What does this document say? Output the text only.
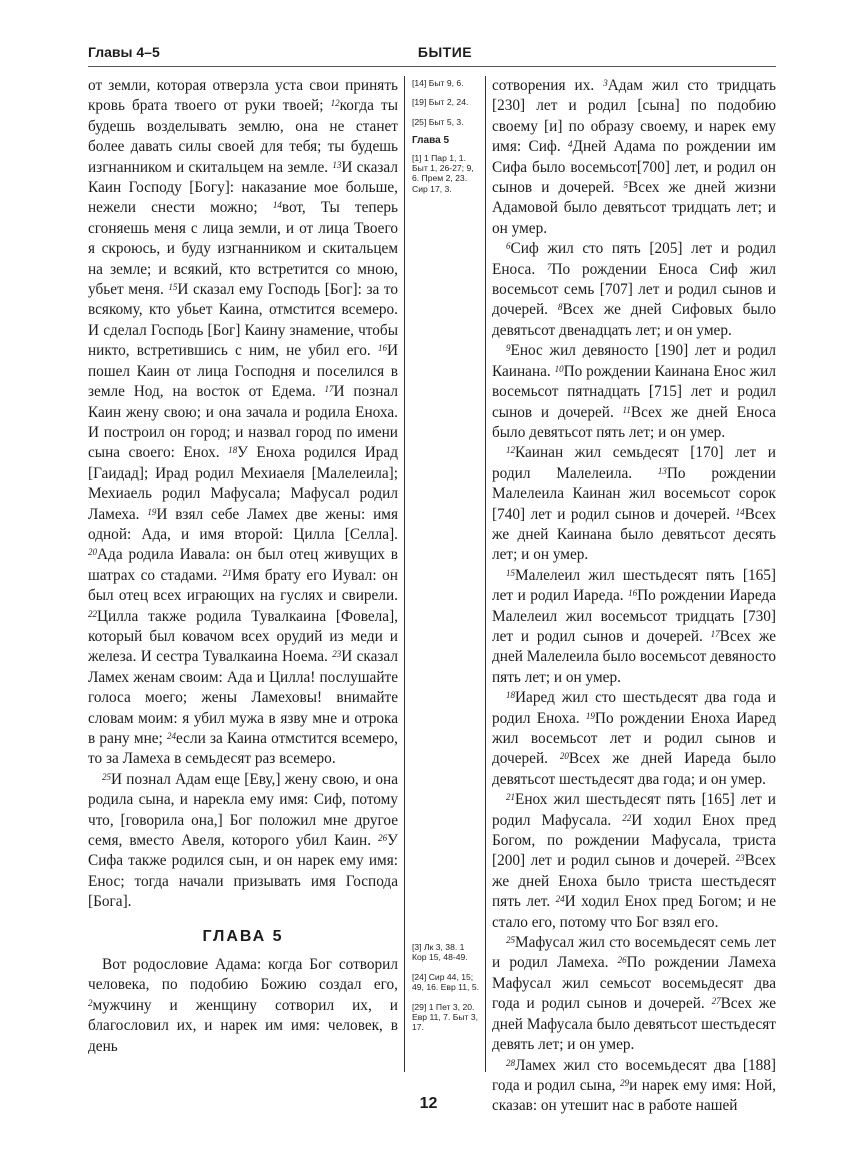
Главы 4–5	БЫТИЕ

от земли, которая отверзла уста свои принять кровь брата твоего от руки твоей; $^{12}$когда ты будешь возделывать землю, она не станет более давать силы своей для тебя; ты будешь изгнанником и скитальцем на земле. $^{13}$И сказал Каин Господу [Богу]: наказание мое больше, нежели снести можно; $^{14}$вот, Ты теперь сгоняешь меня с лица земли, и от лица Твоего я скроюсь, и буду изгнанником и скитальцем на земле; и всякий, кто встретится со мною, убьет меня. $^{15}$И сказал ему Господь [Бог]: за то всякому, кто убьет Каина, отмстится всемеро. И сделал Господь [Бог] Каину знамение, чтобы никто, встретившись с ним, не убил его. $^{16}$И пошел Каин от лица Господня и поселился в земле Нод, на восток от Едема. $^{17}$И познал Каин жену свою; и она зачала и родила Еноха. И построил он город; и назвал город по имени сына своего: Енох. $^{18}$У Еноха родился Ирад [Гаидад]; Ирад родил Мехиаеля [Малелеила]; Мехиаель родил Мафусала; Мафусал родил Ламеха. $^{19}$И взял себе Ламех две жены: имя одной: Ада, и имя второй: Цилла [Селла]. $^{20}$Ада родила Иавала: он был отец живущих в шатрах со стадами. $^{21}$Имя брату его Иувал: он был отец всех играющих на гуслях и свирели. $^{22}$Цилла также родила Тувалкаина [Фовела], который был ковачом всех орудий из меди и железа. И сестра Тувалкаина Ноема. $^{23}$И сказал Ламех женам своим: Ада и Цилла! послушайте голоса моего; жены Ламеховы! внимайте словам моим: я убил мужа в язву мне и отрока в рану мне; $^{24}$если за Каина отмстится всемеро, то за Ламеха в семьдесят раз всемеро.

$^{25}$И познал Адам еще [Еву,] жену свою, и она родила сына, и нарекла ему имя: Сиф, потому что, [говорила она,] Бог положил мне другое семя, вместо Авеля, которого убил Каин. $^{26}$У Сифа также родился сын, и он нарек ему имя: Енос; тогда начали призывать имя Господа [Бога].

ГЛАВА 5

Вот родословие Адама: когда Бог сотворил человека, по подобию Божию создал его, $^2$мужчину и женщину сотворил их, и благословил их, и нарек им имя: человек, в день

[14] Быт 9, 6.
[19] Быт 2, 24.
[25] Быт 5, 3.
Глава 5
[1] 1 Пар 1, 1. Быт 1, 26-27; 9, 6. Прем 2, 23. Сир 17, 3.
[3] Лк 3, 38. 1 Кор 15, 48-49.
[24] Сир 44, 15; 49, 16. Евр 11, 5.
[29] 1 Пет 3, 20. Евр 11, 7. Быт 3, 17.

сотворения их. $^3$Адам жил сто тридцать [230] лет и родил [сына] по подобию своему [и] по образу своему, и нарек ему имя: Сиф. $^4$Дней Адама по рождении им Сифа было восемьсот[700] лет, и родил он сынов и дочерей. $^5$Всех же дней жизни Адамовой было девятьсот тридцать лет; и он умер.

$^6$Сиф жил сто пять [205] лет и родил Еноса. $^7$По рождении Еноса Сиф жил восемьсот семь [707] лет и родил сынов и дочерей. $^8$Всех же дней Сифовых было девятьсот двенадцать лет; и он умер.

$^9$Енос жил девяносто [190] лет и родил Каинана. $^{10}$По рождении Каинана Енос жил восемьсот пятнадцать [715] лет и родил сынов и дочерей. $^{11}$Всех же дней Еноса было девятьсот пять лет; и он умер.

$^{12}$Каинан жил семьдесят [170] лет и родил Малелеила. $^{13}$По рождении Малелеила Каинан жил восемьсот сорок [740] лет и родил сынов и дочерей. $^{14}$Всех же дней Каинана было девятьсот десять лет; и он умер.

$^{15}$Малелеил жил шестьдесят пять [165] лет и родил Иареда. $^{16}$По рождении Иареда Малелеил жил восемьсот тридцать [730] лет и родил сынов и дочерей. $^{17}$Всех же дней Малелеила было восемьсот девяносто пять лет; и он умер.

$^{18}$Иаред жил сто шестьдесят два года и родил Еноха. $^{19}$По рождении Еноха Иаред жил восемьсот лет и родил сынов и дочерей. $^{20}$Всех же дней Иареда было девятьсот шестьдесят два года; и он умер.

$^{21}$Енох жил шестьдесят пять [165] лет и родил Мафусала. $^{22}$И ходил Енох пред Богом, по рождении Мафусала, триста [200] лет и родил сынов и дочерей. $^{23}$Всех же дней Еноха было триста шестьдесят пять лет. $^{24}$И ходил Енох пред Богом; и не стало его, потому что Бог взял его.

$^{25}$Мафусал жил сто восемьдесят семь лет и родил Ламеха. $^{26}$По рождении Ламеха Мафусал жил семьсот восемьдесят два года и родил сынов и дочерей. $^{27}$Всех же дней Мафусала было девятьсот шестьдесят девять лет; и он умер.

$^{28}$Ламех жил сто восемьдесят два [188] года и родил сына, $^{29}$и нарек ему имя: Ной, сказав: он утешит нас в работе нашей

12
